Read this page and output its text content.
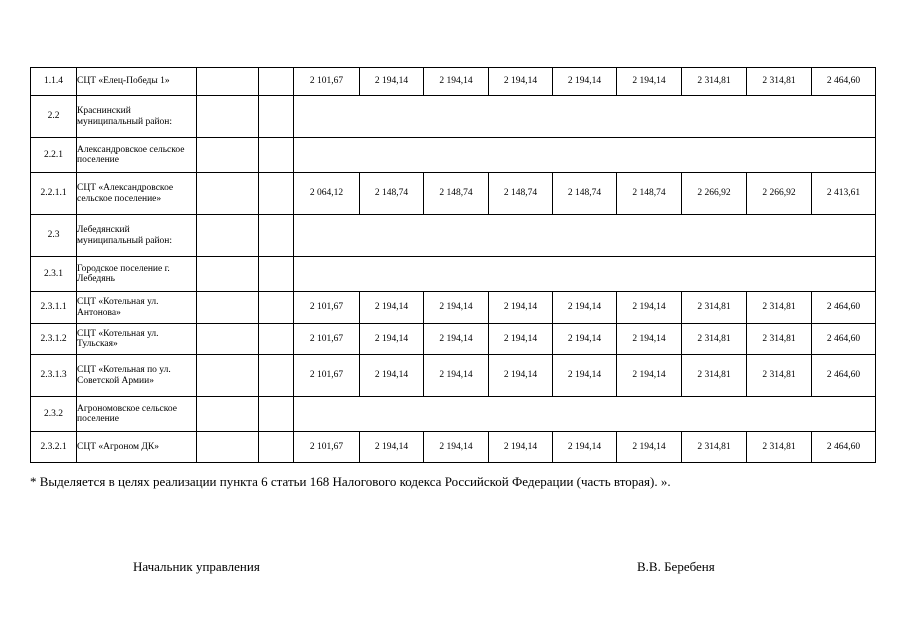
1.1.4	СЦТ «Елец-Победы 1»			2 101,67	2 194,14	2 194,14	2 194,14	2 194,14	2 194,14	2 314,81	2 314,81	2 464,60
2.2	Краснинский муниципальный район:											
2.2.1	Александровское сельское поселение											
2.2.1.1	СЦТ «Александровское сельское поселение»			2 064,12	2 148,74	2 148,74	2 148,74	2 148,74	2 148,74	2 266,92	2 266,92	2 413,61
2.3	Лебедянский муниципальный район:											
2.3.1	Городское поселение г. Лебедянь											
2.3.1.1	СЦТ «Котельная ул. Антонова»			2 101,67	2 194,14	2 194,14	2 194,14	2 194,14	2 194,14	2 314,81	2 314,81	2 464,60
2.3.1.2	СЦТ «Котельная ул. Тульская»			2 101,67	2 194,14	2 194,14	2 194,14	2 194,14	2 194,14	2 314,81	2 314,81	2 464,60
2.3.1.3	СЦТ «Котельная по ул. Советской Армии»			2 101,67	2 194,14	2 194,14	2 194,14	2 194,14	2 194,14	2 314,81	2 314,81	2 464,60
2.3.2	Агрономовское сельское поселение											
2.3.2.1	СЦТ «Агроном ДК»			2 101,67	2 194,14	2 194,14	2 194,14	2 194,14	2 194,14	2 314,81	2 314,81	2 464,60
* Выделяется в целях реализации пункта 6 статьи 168 Налогового кодекса Российской Федерации (часть вторая). ».
Начальник управления	В.В. Беребеня
